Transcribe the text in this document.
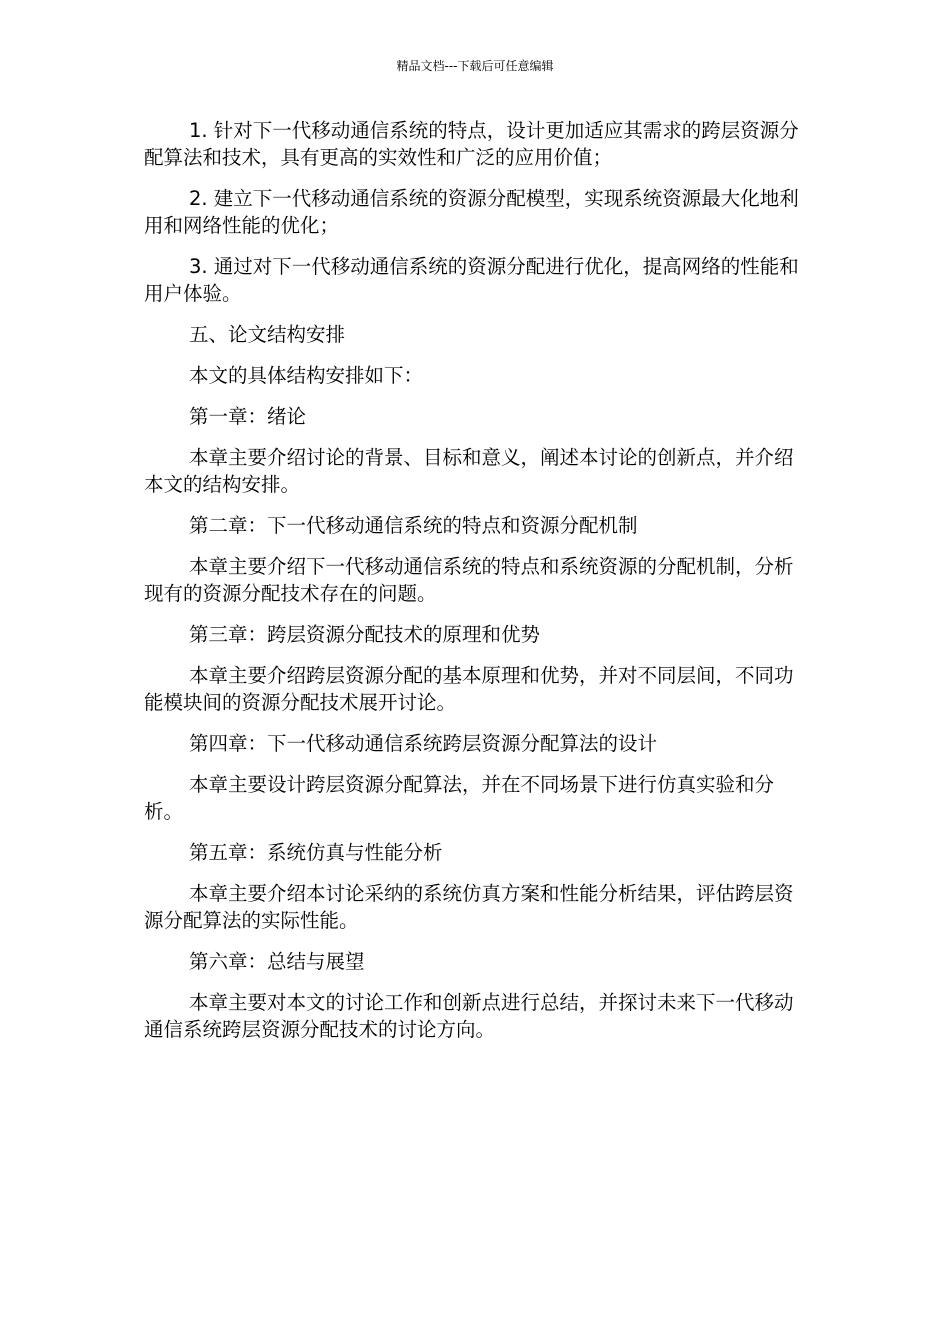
精品文档---下载后可任意编辑

1. 针对下一代移动通信系统的特点，设计更加适应其需求的跨层资源分配算法和技术，具有更高的实效性和广泛的应用价值；

2. 建立下一代移动通信系统的资源分配模型，实现系统资源最大化地利用和网络性能的优化；

3. 通过对下一代移动通信系统的资源分配进行优化，提高网络的性能和用户体验。

五、论文结构安排

本文的具体结构安排如下：

第一章：绪论

本章主要介绍讨论的背景、目标和意义，阐述本讨论的创新点，并介绍本文的结构安排。

第二章：下一代移动通信系统的特点和资源分配机制

本章主要介绍下一代移动通信系统的特点和系统资源的分配机制，分析现有的资源分配技术存在的问题。

第三章：跨层资源分配技术的原理和优势

本章主要介绍跨层资源分配的基本原理和优势，并对不同层间，不同功能模块间的资源分配技术展开讨论。

第四章：下一代移动通信系统跨层资源分配算法的设计

本章主要设计跨层资源分配算法，并在不同场景下进行仿真实验和分析。

第五章：系统仿真与性能分析

本章主要介绍本讨论采纳的系统仿真方案和性能分析结果，评估跨层资源分配算法的实际性能。

第六章：总结与展望

本章主要对本文的讨论工作和创新点进行总结，并探讨未来下一代移动通信系统跨层资源分配技术的讨论方向。
